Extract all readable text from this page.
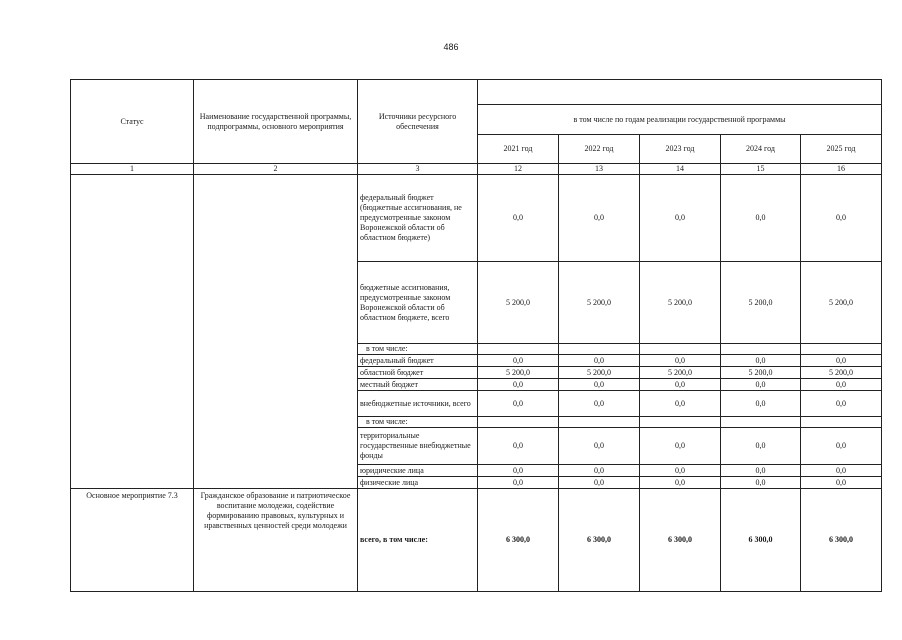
486
Статус	Наименование государственной программы, подпрограммы, основного мероприятия	Источники ресурсного обеспечения					
			в том числе по годам реализации государственной программы				
			2021 год	2022 год	2023 год	2024 год	2025 год
1	2	3	12	13	14	15	16
		федеральный бюджет (бюджетные ассигнования, не предусмотренные законом Воронежской области об областном бюджете)	0,0	0,0	0,0	0,0	0,0
		бюджетные ассигнования, предусмотренные законом Воронежской области об областном бюджете, всего	5 200,0	5 200,0	5 200,0	5 200,0	5 200,0
		в том числе:					
		федеральный бюджет	0,0	0,0	0,0	0,0	0,0
		областной бюджет	5 200,0	5 200,0	5 200,0	5 200,0	5 200,0
		местный бюджет	0,0	0,0	0,0	0,0	0,0
		внебюджетные источники, всего	0,0	0,0	0,0	0,0	0,0
		в том числе:					
		территориальные государственные внебюджетные фонды	0,0	0,0	0,0	0,0	0,0
		юридические лица	0,0	0,0	0,0	0,0	0,0
		физические лица	0,0	0,0	0,0	0,0	0,0
Основное мероприятие 7.3	Гражданское образование и патриотическое воспитание молодежи, содействие формированию правовых, культурных и нравственных ценностей среди молодежи	всего, в том числе:	6 300,0	6 300,0	6 300,0	6 300,0	6 300,0
